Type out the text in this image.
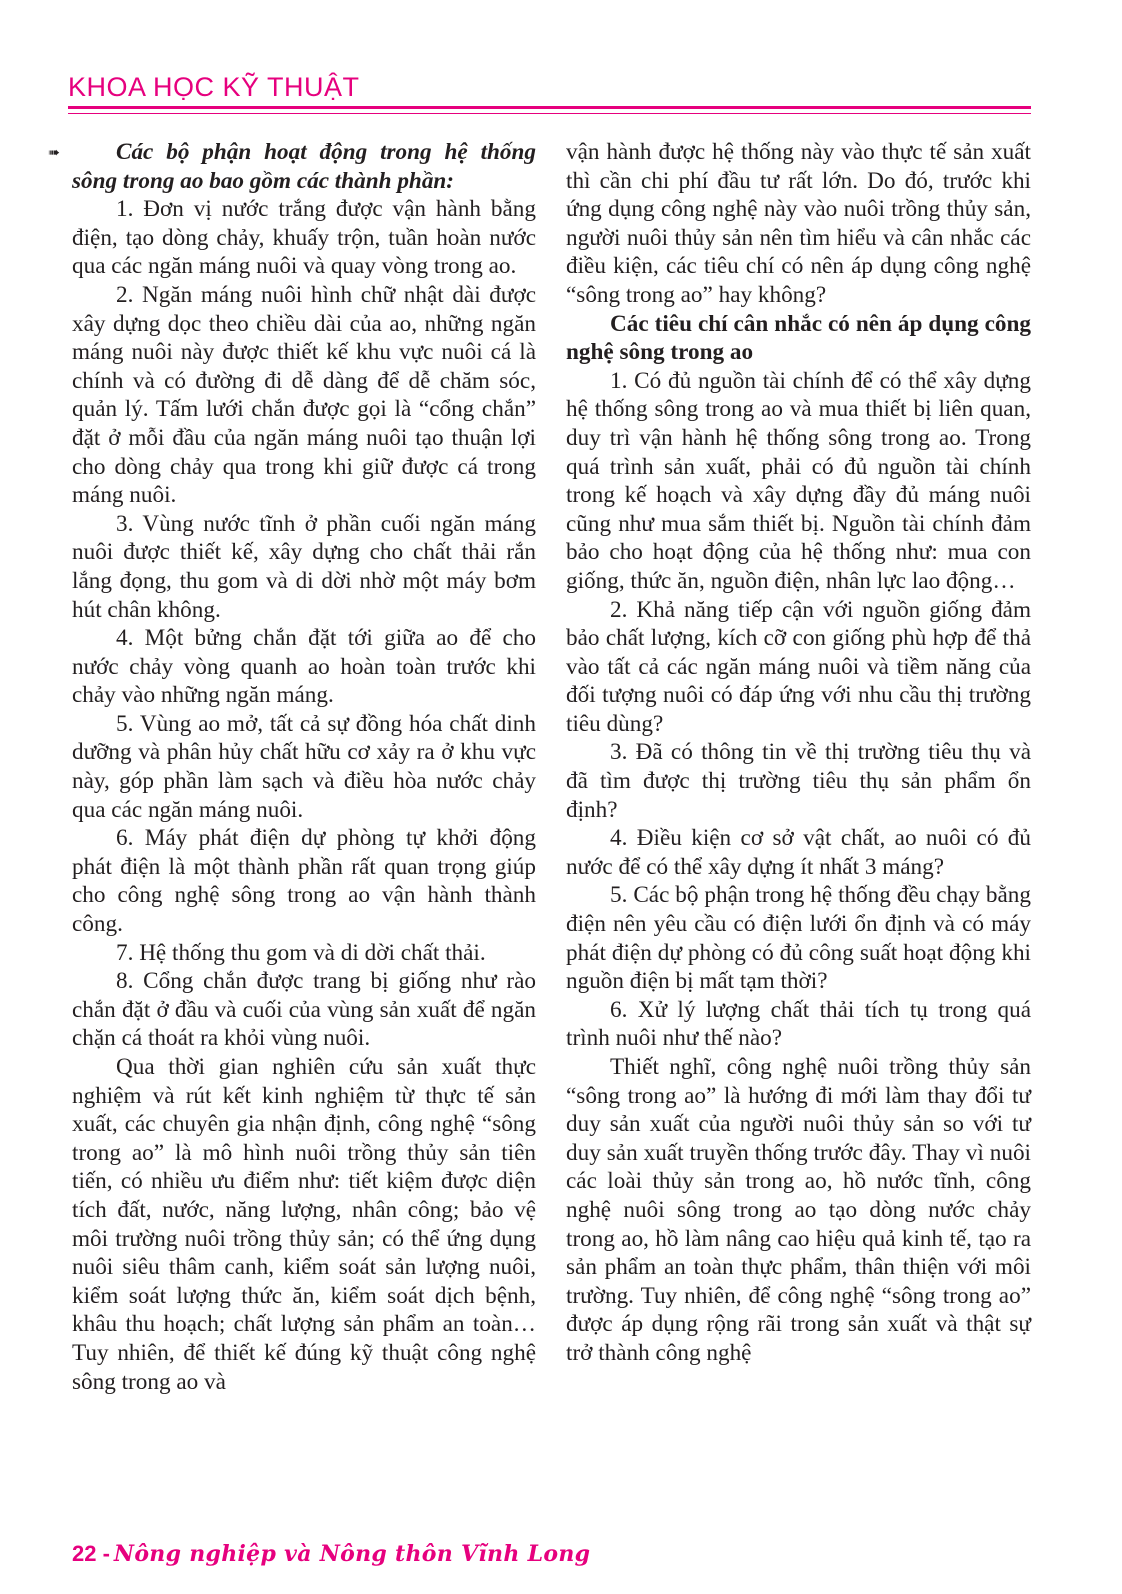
KHOA HỌC KỸ THUẬT
➠	Các bộ phận hoạt động trong hệ thống sông trong ao bao gồm các thành phần:

1. Đơn vị nước trắng được vận hành bằng điện, tạo dòng chảy, khuấy trộn, tuần hoàn nước qua các ngăn máng nuôi và quay vòng trong ao.

2. Ngăn máng nuôi hình chữ nhật dài được xây dựng dọc theo chiều dài của ao, những ngăn máng nuôi này được thiết kế khu vực nuôi cá là chính và có đường đi dễ dàng để dễ chăm sóc, quản lý. Tấm lưới chắn được gọi là “cổng chắn” đặt ở mỗi đầu của ngăn máng nuôi tạo thuận lợi cho dòng chảy qua trong khi giữ được cá trong máng nuôi.

3. Vùng nước tĩnh ở phần cuối ngăn máng nuôi được thiết kế, xây dựng cho chất thải rắn lắng đọng, thu gom và di dời nhờ một máy bơm hút chân không.

4. Một bửng chắn đặt tới giữa ao để cho nước chảy vòng quanh ao hoàn toàn trước khi chảy vào những ngăn máng.

5. Vùng ao mở, tất cả sự đồng hóa chất dinh dưỡng và phân hủy chất hữu cơ xảy ra ở khu vực này, góp phần làm sạch và điều hòa nước chảy qua các ngăn máng nuôi.

6. Máy phát điện dự phòng tự khởi động phát điện là một thành phần rất quan trọng giúp cho công nghệ sông trong ao vận hành thành công.

7. Hệ thống thu gom và di dời chất thải.

8. Cổng chắn được trang bị giống như rào chắn đặt ở đầu và cuối của vùng sản xuất để ngăn chặn cá thoát ra khỏi vùng nuôi.

Qua thời gian nghiên cứu sản xuất thực nghiệm và rút kết kinh nghiệm từ thực tế sản xuất, các chuyên gia nhận định, công nghệ “sông trong ao” là mô hình nuôi trồng thủy sản tiên tiến, có nhiều ưu điểm như: tiết kiệm được diện tích đất, nước, năng lượng, nhân công; bảo vệ môi trường nuôi trồng thủy sản; có thể ứng dụng nuôi siêu thâm canh, kiểm soát sản lượng nuôi, kiểm soát lượng thức ăn, kiểm soát dịch bệnh, khâu thu hoạch; chất lượng sản phẩm an toàn… Tuy nhiên, để thiết kế đúng kỹ thuật công nghệ sông trong ao và

vận hành được hệ thống này vào thực tế sản xuất thì cần chi phí đầu tư rất lớn. Do đó, trước khi ứng dụng công nghệ này vào nuôi trồng thủy sản, người nuôi thủy sản nên tìm hiểu và cân nhắc các điều kiện, các tiêu chí có nên áp dụng công nghệ “sông trong ao” hay không?

Các tiêu chí cân nhắc có nên áp dụng công nghệ sông trong ao

1. Có đủ nguồn tài chính để có thể xây dựng hệ thống sông trong ao và mua thiết bị liên quan, duy trì vận hành hệ thống sông trong ao. Trong quá trình sản xuất, phải có đủ nguồn tài chính trong kế hoạch và xây dựng đầy đủ máng nuôi cũng như mua sắm thiết bị. Nguồn tài chính đảm bảo cho hoạt động của hệ thống như: mua con giống, thức ăn, nguồn điện, nhân lực lao động…

2. Khả năng tiếp cận với nguồn giống đảm bảo chất lượng, kích cỡ con giống phù hợp để thả vào tất cả các ngăn máng nuôi và tiềm năng của đối tượng nuôi có đáp ứng với nhu cầu thị trường tiêu dùng?

3. Đã có thông tin về thị trường tiêu thụ và đã tìm được thị trường tiêu thụ sản phẩm ổn định?

4. Điều kiện cơ sở vật chất, ao nuôi có đủ nước để có thể xây dựng ít nhất 3 máng?

5. Các bộ phận trong hệ thống đều chạy bằng điện nên yêu cầu có điện lưới ổn định và có máy phát điện dự phòng có đủ công suất hoạt động khi nguồn điện bị mất tạm thời?

6. Xử lý lượng chất thải tích tụ trong quá trình nuôi như thế nào?

Thiết nghĩ, công nghệ nuôi trồng thủy sản “sông trong ao” là hướng đi mới làm thay đổi tư duy sản xuất của người nuôi thủy sản so với tư duy sản xuất truyền thống trước đây. Thay vì nuôi các loài thủy sản trong ao, hồ nước tĩnh, công nghệ nuôi sông trong ao tạo dòng nước chảy trong ao, hồ làm nâng cao hiệu quả kinh tế, tạo ra sản phẩm an toàn thực phẩm, thân thiện với môi trường. Tuy nhiên, để công nghệ “sông trong ao” được áp dụng rộng rãi trong sản xuất và thật sự trở thành công nghệ

22 - Nông nghiệp và Nông thôn Vĩnh Long
